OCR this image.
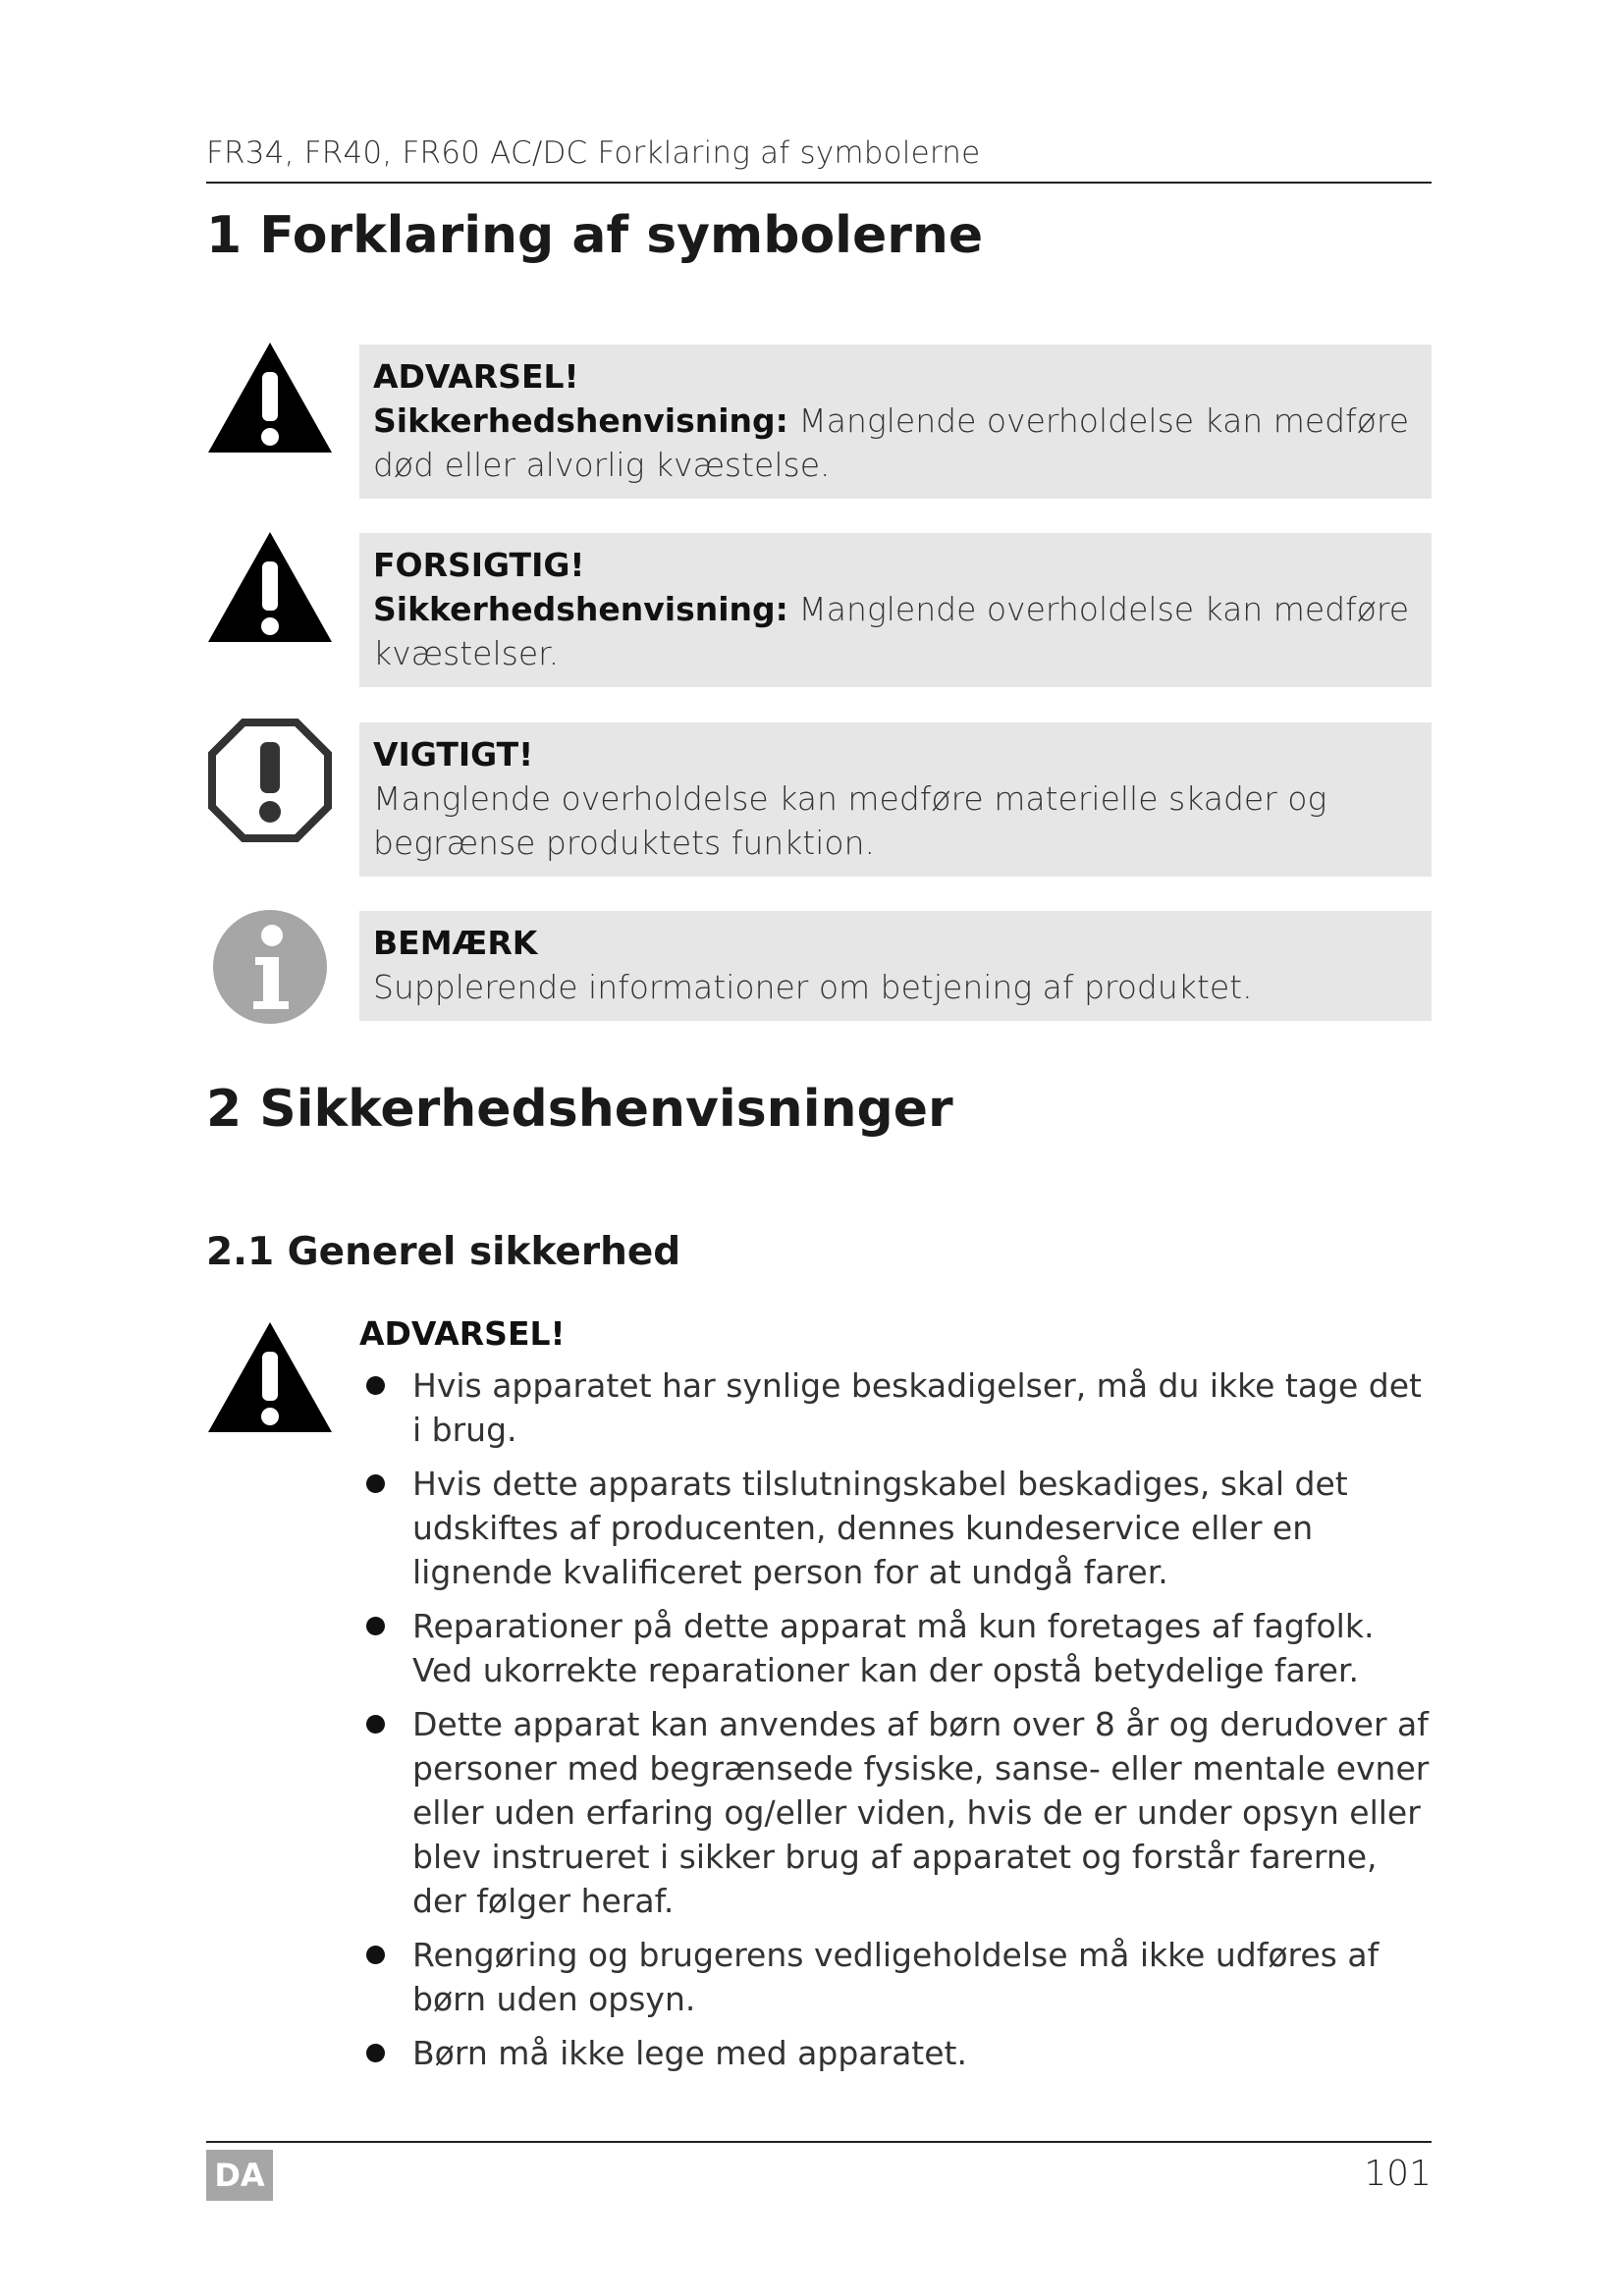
FR34, FR40, FR60 AC/DC Forklaring af symbolerne
1 Forklaring af symbolerne
ADVARSEL!
Sikkerhedshenvisning: Manglende overholdelse kan medføre død eller alvorlig kvæstelse.
FORSIGTIG!
Sikkerhedshenvisning: Manglende overholdelse kan medføre kvæstelser.
VIGTIGT!
Manglende overholdelse kan medføre materielle skader og begrænse produktets funktion.
BEMÆRK
Supplerende informationer om betjening af produktet.
2 Sikkerhedshenvisninger
2.1 Generel sikkerhed
ADVARSEL!
Hvis apparatet har synlige beskadigelser, må du ikke tage det i brug.
Hvis dette apparats tilslutningskabel beskadiges, skal det udskiftes af producenten, dennes kundeservice eller en lignende kvalificeret person for at undgå farer.
Reparationer på dette apparat må kun foretages af fagfolk. Ved ukorrekte reparationer kan der opstå betydelige farer.
Dette apparat kan anvendes af børn over 8 år og derudover af personer med begrænsede fysiske, sanse- eller mentale evner eller uden erfaring og/eller viden, hvis de er under opsyn eller blev instrueret i sikker brug af apparatet og forstår farerne, der følger heraf.
Rengøring og brugerens vedligeholdelse må ikke udføres af børn uden opsyn.
Børn må ikke lege med apparatet.
DA	101
